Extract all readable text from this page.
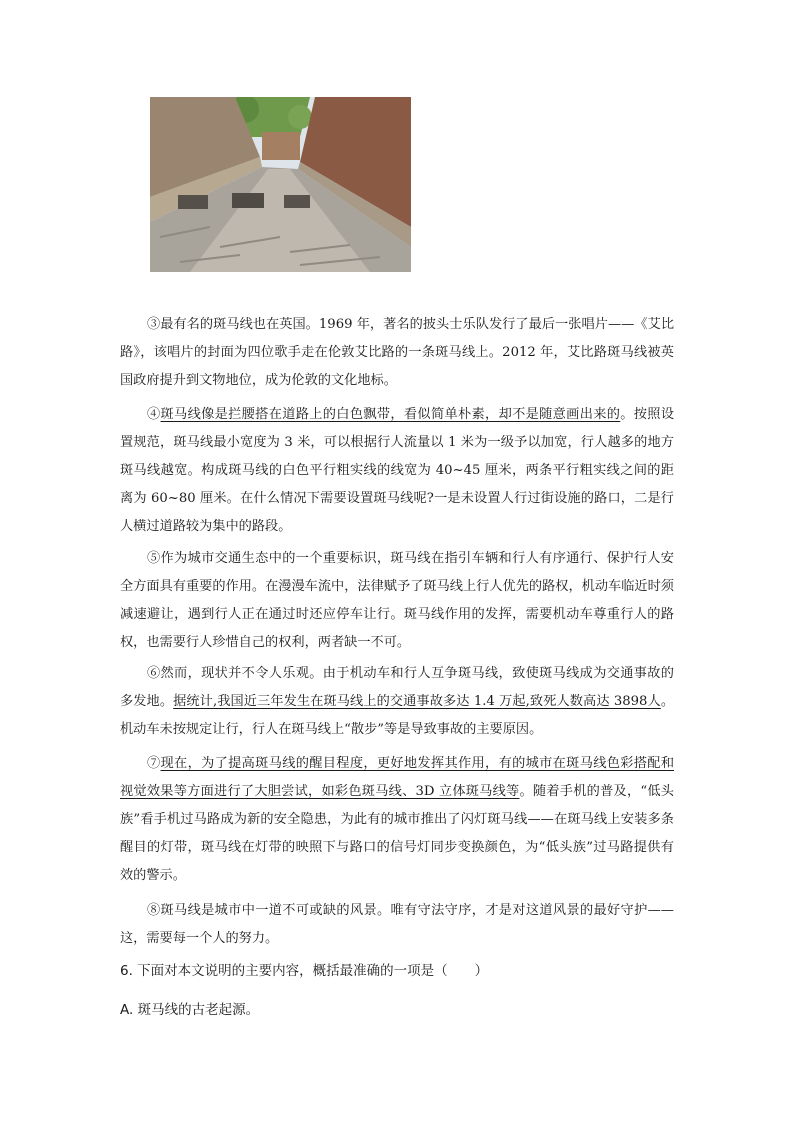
③最有名的斑马线也在英国。1969 年，著名的披头士乐队发行了最后一张唱片——《艾比路》，该唱片的封面为四位歌手走在伦敦艾比路的一条斑马线上。2012 年，艾比路斑马线被英国政府提升到文物地位，成为伦敦的文化地标。

④斑马线像是拦腰搭在道路上的白色飘带，看似简单朴素，却不是随意画出来的。按照设置规范，斑马线最小宽度为 3 米，可以根据行人流量以 1 米为一级予以加宽，行人越多的地方斑马线越宽。构成斑马线的白色平行粗实线的线宽为 40~45 厘米，两条平行粗实线之间的距离为 60~80 厘米。在什么情况下需要设置斑马线呢?一是未设置人行过街设施的路口，二是行人横过道路较为集中的路段。

⑤作为城市交通生态中的一个重要标识，斑马线在指引车辆和行人有序通行、保护行人安全方面具有重要的作用。在漫漫车流中，法律赋予了斑马线上行人优先的路权，机动车临近时须减速避让，遇到行人正在通过时还应停车让行。斑马线作用的发挥，需要机动车尊重行人的路权，也需要行人珍惜自己的权利，两者缺一不可。

⑥然而，现状并不令人乐观。由于机动车和行人互争斑马线，致使斑马线成为交通事故的多发地。据统计,我国近三年发生在斑马线上的交通事故多达 1.4 万起,致死人数高达 3898人。机动车未按规定让行，行人在斑马线上“散步”等是导致事故的主要原因。

⑦现在，为了提高斑马线的醒目程度，更好地发挥其作用，有的城市在斑马线色彩搭配和视觉效果等方面进行了大胆尝试，如彩色斑马线、3D 立体斑马线等。随着手机的普及，“低头族”看手机过马路成为新的安全隐患，为此有的城市推出了闪灯斑马线——在斑马线上安装多条醒目的灯带，斑马线在灯带的映照下与路口的信号灯同步变换颜色，为“低头族”过马路提供有效的警示。

⑧斑马线是城市中一道不可或缺的风景。唯有守法守序，才是对这道风景的最好守护——这，需要每一个人的努力。

6. 下面对本文说明的主要内容，概括最准确的一项是（　　）

A. 斑马线的古老起源。
